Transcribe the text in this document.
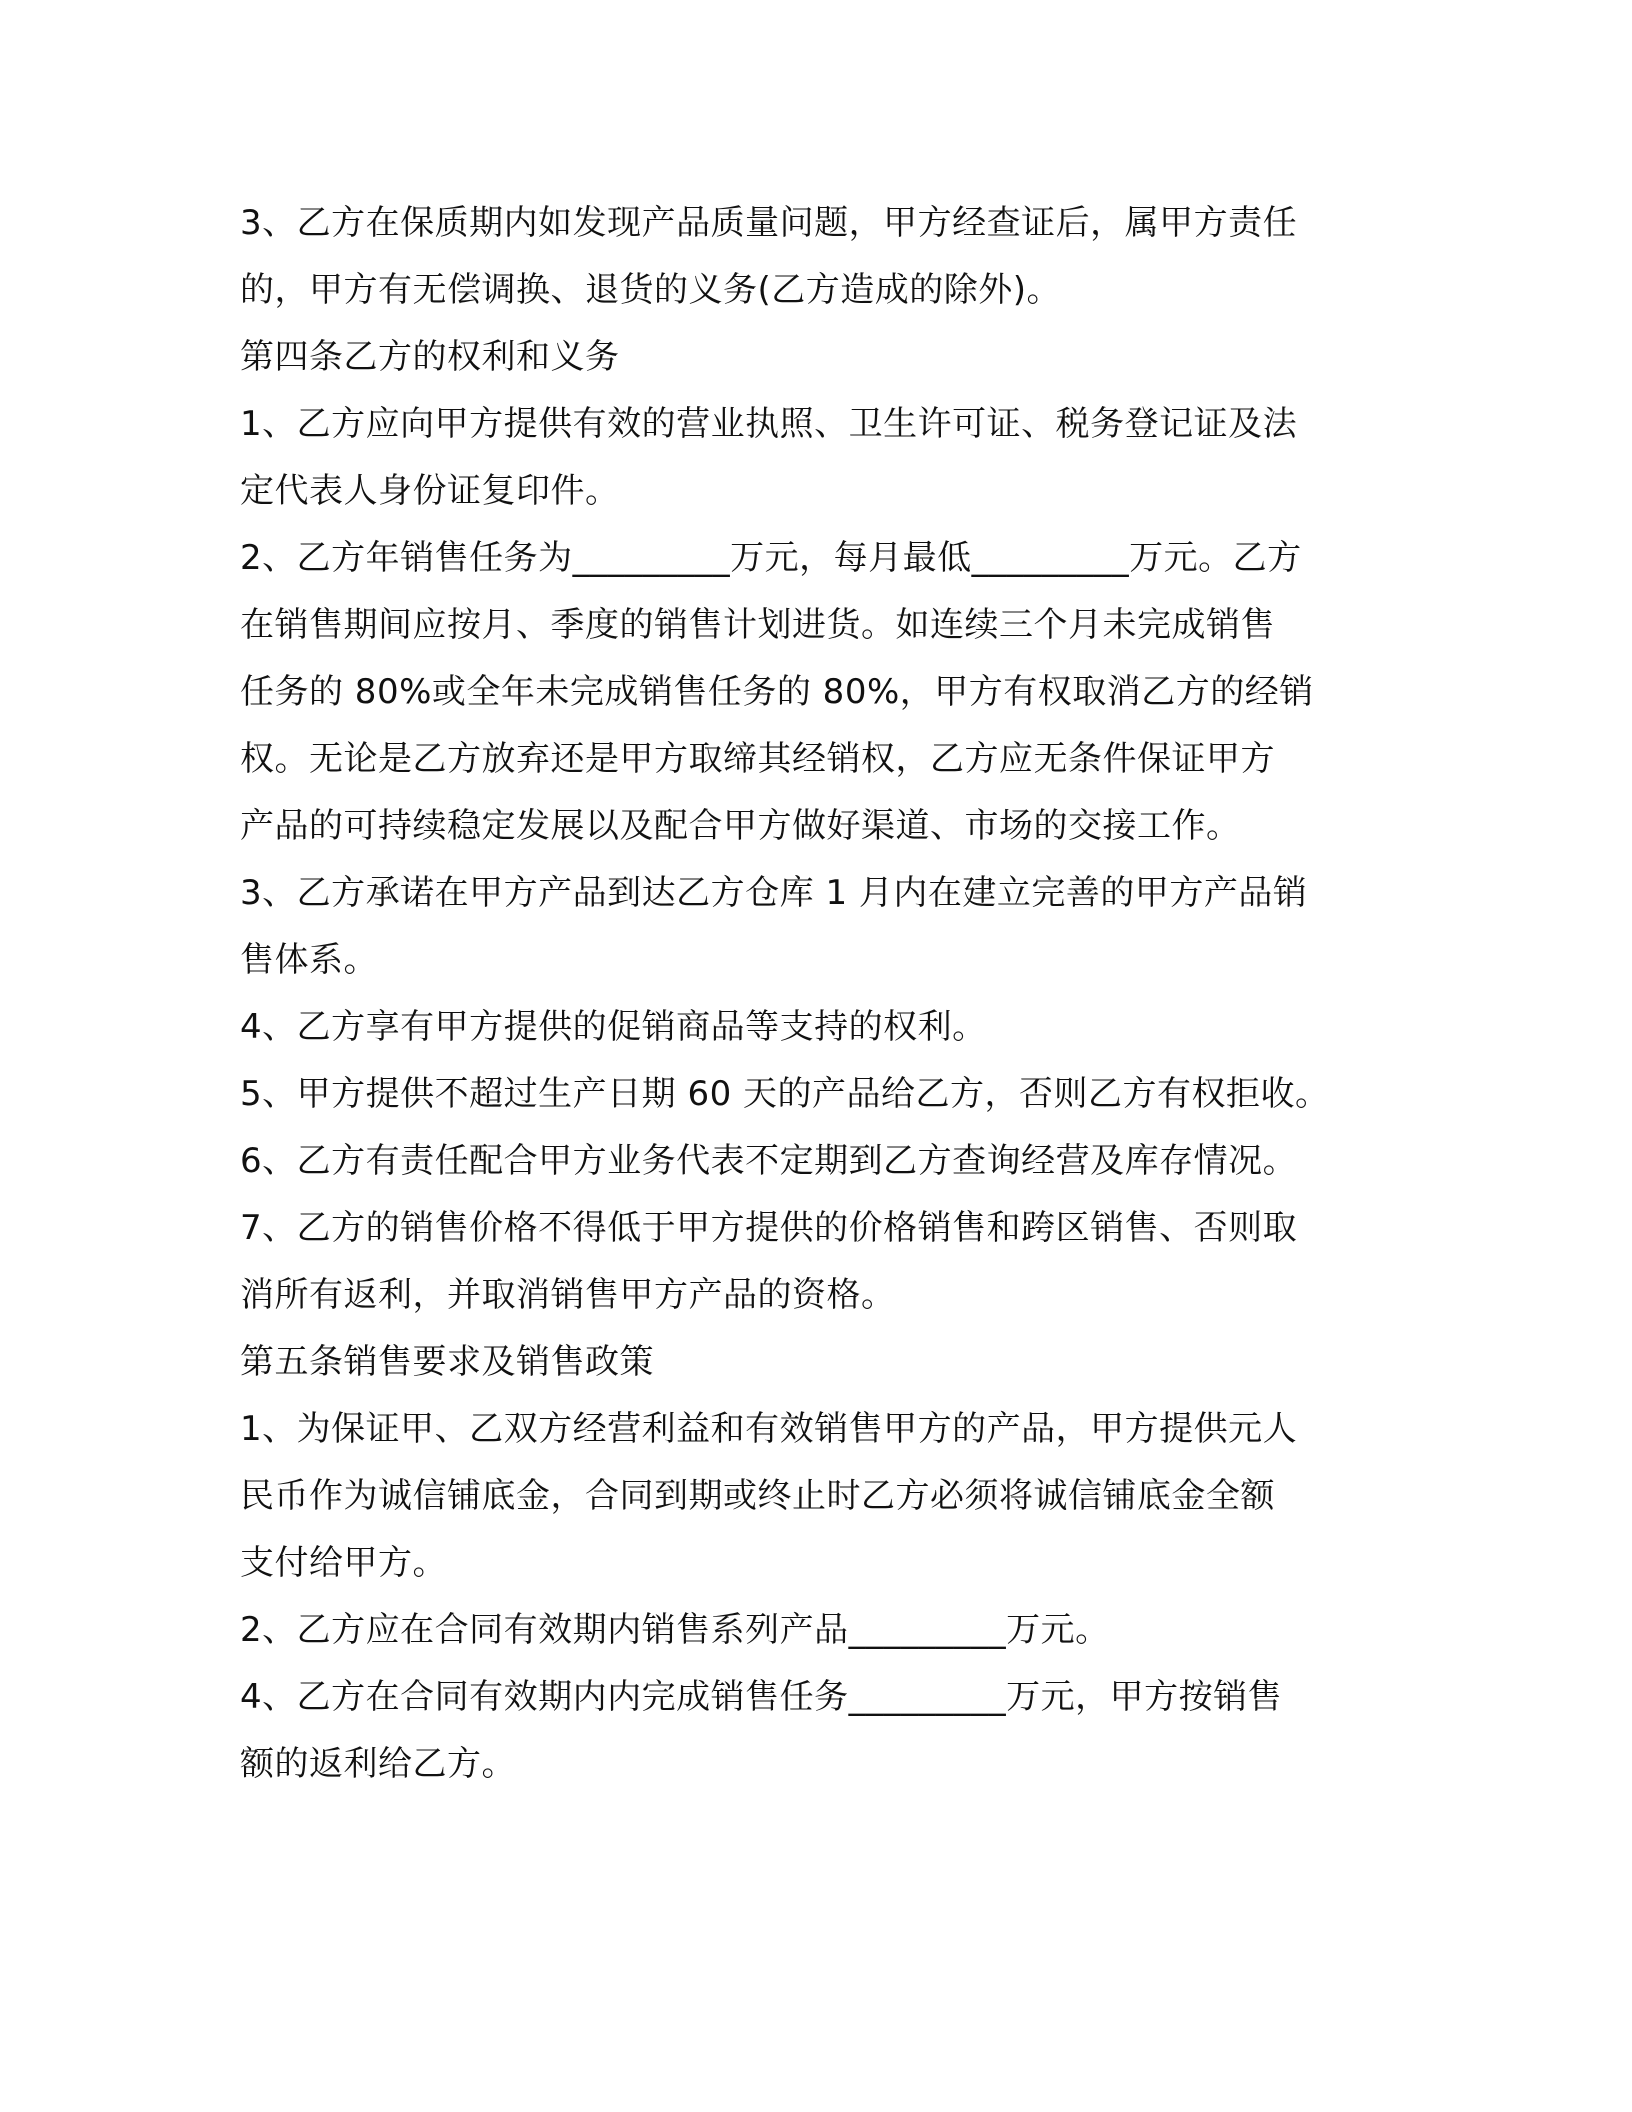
3、乙方在保质期内如发现产品质量问题，甲方经查证后，属甲方责任
的，甲方有无偿调换、退货的义务(乙方造成的除外)。
第四条乙方的权利和义务
1、乙方应向甲方提供有效的营业执照、卫生许可证、税务登记证及法
定代表人身份证复印件。
2、乙方年销售任务为_________万元，每月最低_________万元。乙方
在销售期间应按月、季度的销售计划进货。如连续三个月未完成销售
任务的 80%或全年未完成销售任务的 80%，甲方有权取消乙方的经销
权。无论是乙方放弃还是甲方取缔其经销权，乙方应无条件保证甲方
产品的可持续稳定发展以及配合甲方做好渠道、市场的交接工作。
3、乙方承诺在甲方产品到达乙方仓库 1 月内在建立完善的甲方产品销
售体系。
4、乙方享有甲方提供的促销商品等支持的权利。
5、甲方提供不超过生产日期 60 天的产品给乙方，否则乙方有权拒收。
6、乙方有责任配合甲方业务代表不定期到乙方查询经营及库存情况。
7、乙方的销售价格不得低于甲方提供的价格销售和跨区销售、否则取
消所有返利，并取消销售甲方产品的资格。
第五条销售要求及销售政策
1、为保证甲、乙双方经营利益和有效销售甲方的产品，甲方提供元人
民币作为诚信铺底金，合同到期或终止时乙方必须将诚信铺底金全额
支付给甲方。
2、乙方应在合同有效期内销售系列产品_________万元。
4、乙方在合同有效期内内完成销售任务_________万元，甲方按销售
额的返利给乙方。
